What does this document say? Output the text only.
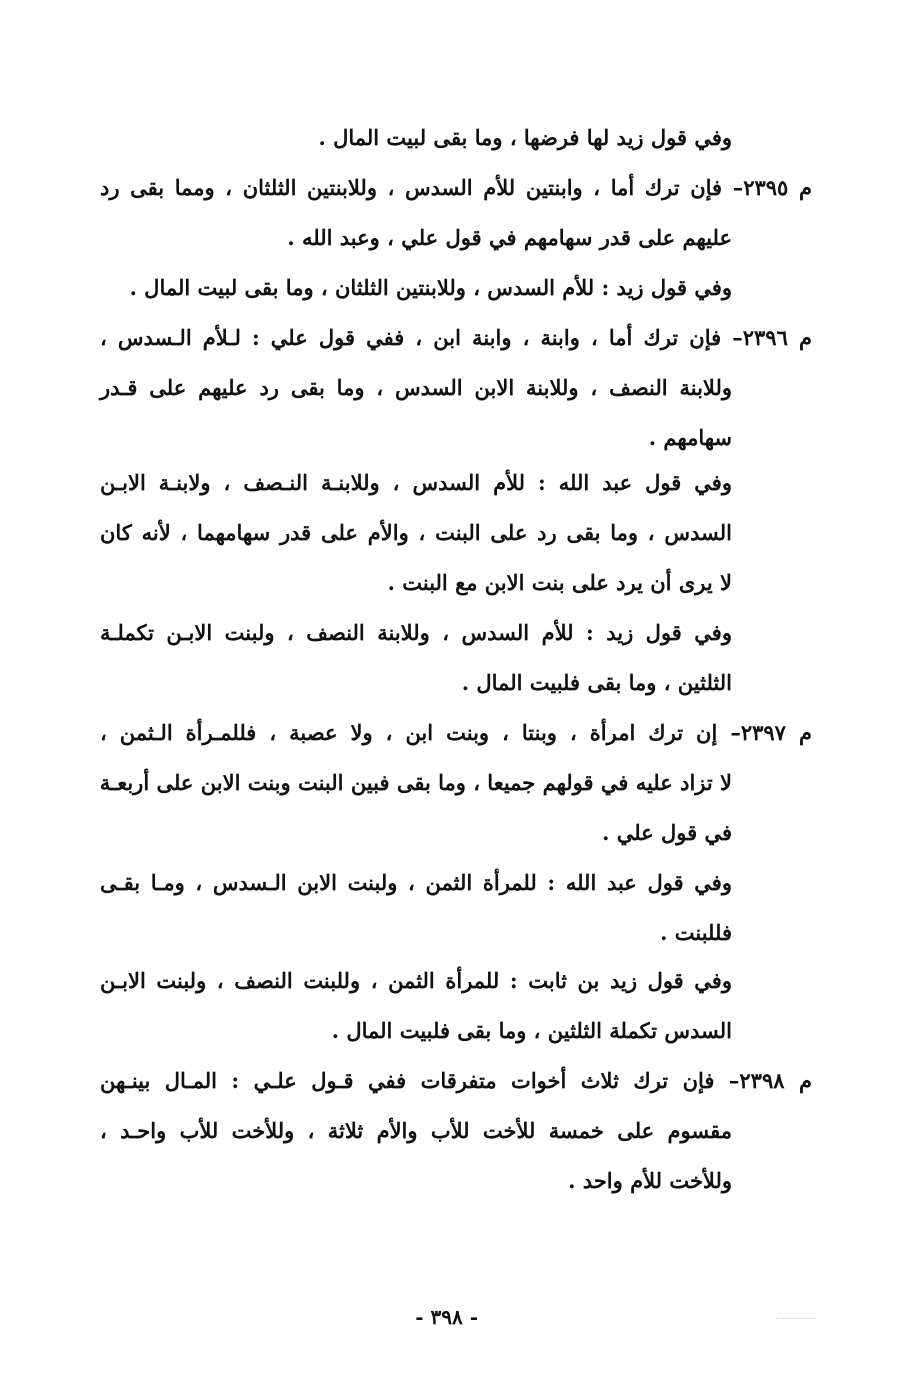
وفي قول زيد لها فرضها ، وما بقى لبيت المال .
م ٢٣٩٥– فإن ترك أما ، وابنتين للأم السدس ، وللابنتين الثلثان ، ومما بقى رد
عليهم على قدر سهامهم في قول علي ، وعبد الله .
وفي قول زيد : للأم السدس ، وللابنتين الثلثان ، وما بقى لبيت المال .
م ٢٣٩٦– فإن ترك أما ، وابنة ، وابنة ابن ، ففي قول علي : لـلأم الـسدس ،
وللابنة النصف ، وللابنة الابن السدس ، وما بقى رد عليهم على قـدر
سهامهم .
وفي قول عبد الله : للأم السدس ، وللابنـة النـصف ، ولابنـة الابـن
السدس ، وما بقى رد على البنت ، والأم على قدر سهامهما ، لأنه كان
لا يرى أن يرد على بنت الابن مع البنت .
وفي قول زيد : للأم السدس ، وللابنة النصف ، ولبنت الابـن تكملـة
الثلثين ، وما بقى فلبيت المال .
م ٢٣٩٧– إن ترك امرأة ، وبنتا ، وبنت ابن ، ولا عصبة ، فللمـرأة الـثمن ،
لا تزاد عليه في قولهم جميعا ، وما بقى فبين البنت وبنت الابن على أربعـة
في قول علي .
وفي قول عبد الله : للمرأة الثمن ، ولبنت الابن الـسدس ، ومـا بقـى
فللبنت .
وفي قول زيد بن ثابت : للمرأة الثمن ، وللبنت النصف ، ولبنت الابـن
السدس تكملة الثلثين ، وما بقى فلبيت المال .
م ٢٣٩٨– فإن ترك ثلاث أخوات متفرقات ففي قـول علـي : المـال بينـهن
مقسوم على خمسة للأخت للأب والأم ثلاثة ، وللأخت للأب واحـد ،
وللأخت للأم واحد .
- ٣٩٨ -
